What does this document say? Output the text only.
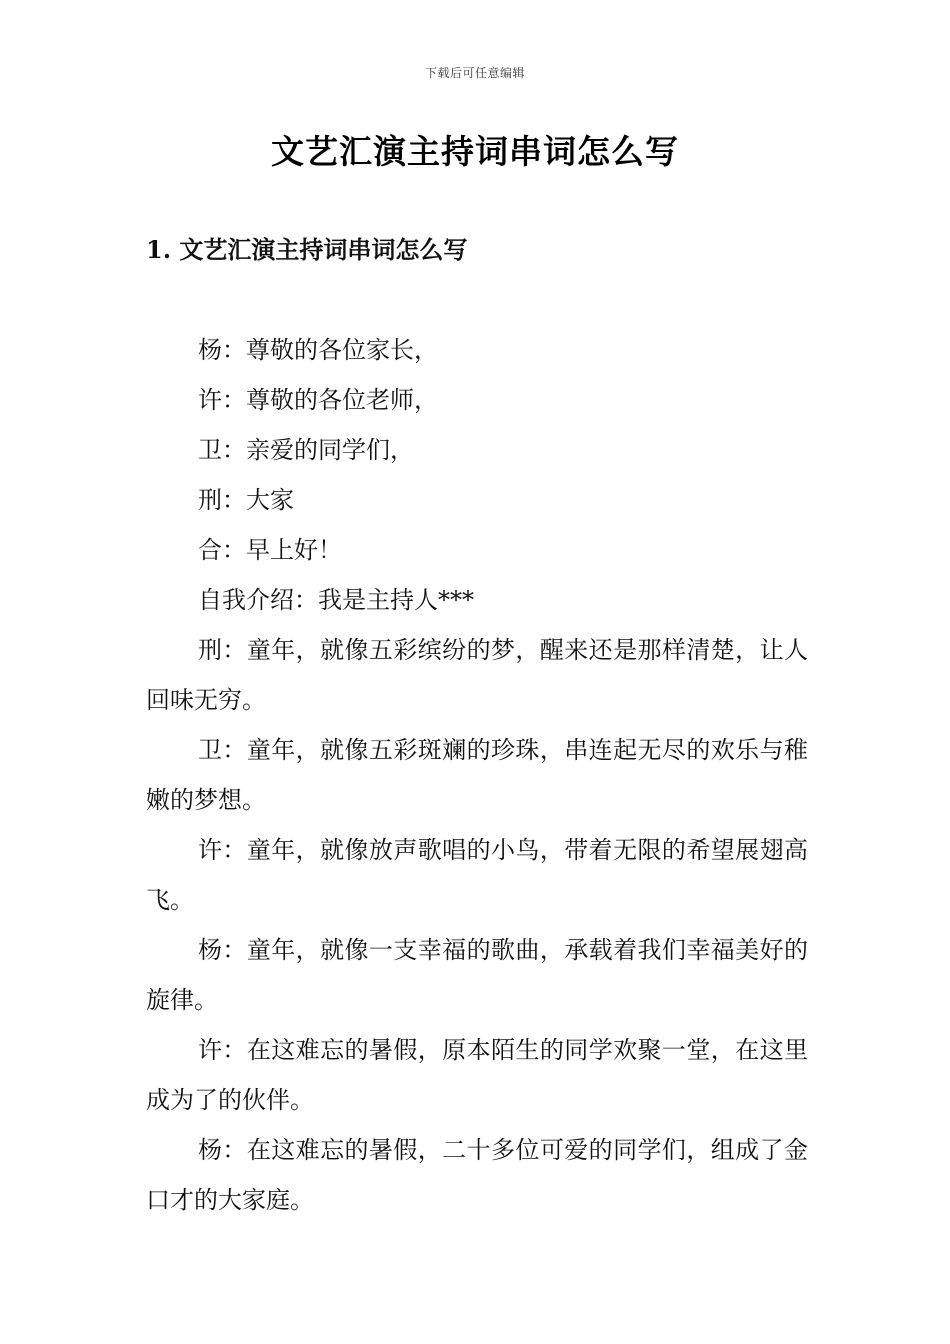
下载后可任意编辑
文艺汇演主持词串词怎么写
1. 文艺汇演主持词串词怎么写

杨：尊敬的各位家长，

许：尊敬的各位老师，

卫：亲爱的同学们，

刑：大家

合：早上好！

自我介绍：我是主持人***

刑：童年，就像五彩缤纷的梦，醒来还是那样清楚，让人回味无穷。

卫：童年，就像五彩斑斓的珍珠，串连起无尽的欢乐与稚嫩的梦想。

许：童年，就像放声歌唱的小鸟，带着无限的希望展翅高飞。

杨：童年，就像一支幸福的歌曲，承载着我们幸福美好的旋律。

许：在这难忘的暑假，原本陌生的同学欢聚一堂，在这里成为了的伙伴。

杨：在这难忘的暑假，二十多位可爱的同学们，组成了金口才的大家庭。
